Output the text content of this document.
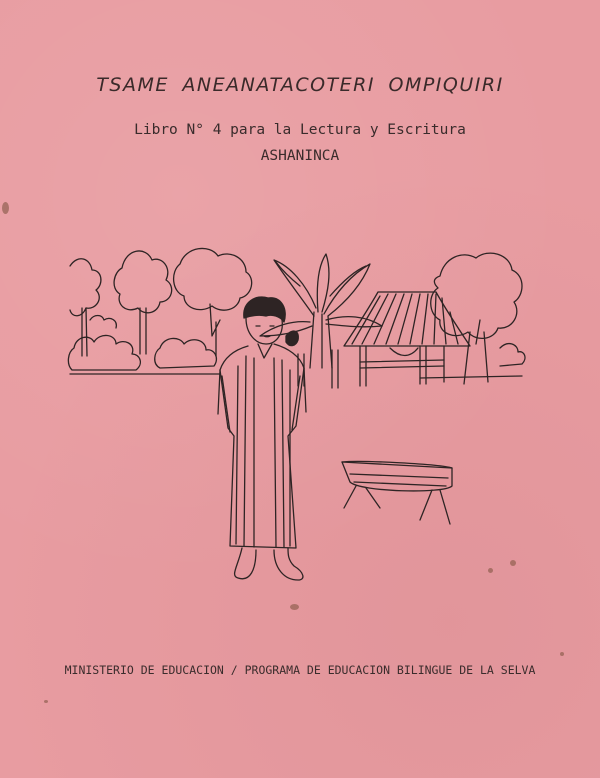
TSAME ANEANATACOTERI OMPIQUIRI

Libro N° 4 para la Lectura y Escritura

ASHANINCA

MINISTERIO DE EDUCACION / PROGRAMA DE EDUCACION BILINGUE DE LA SELVA
